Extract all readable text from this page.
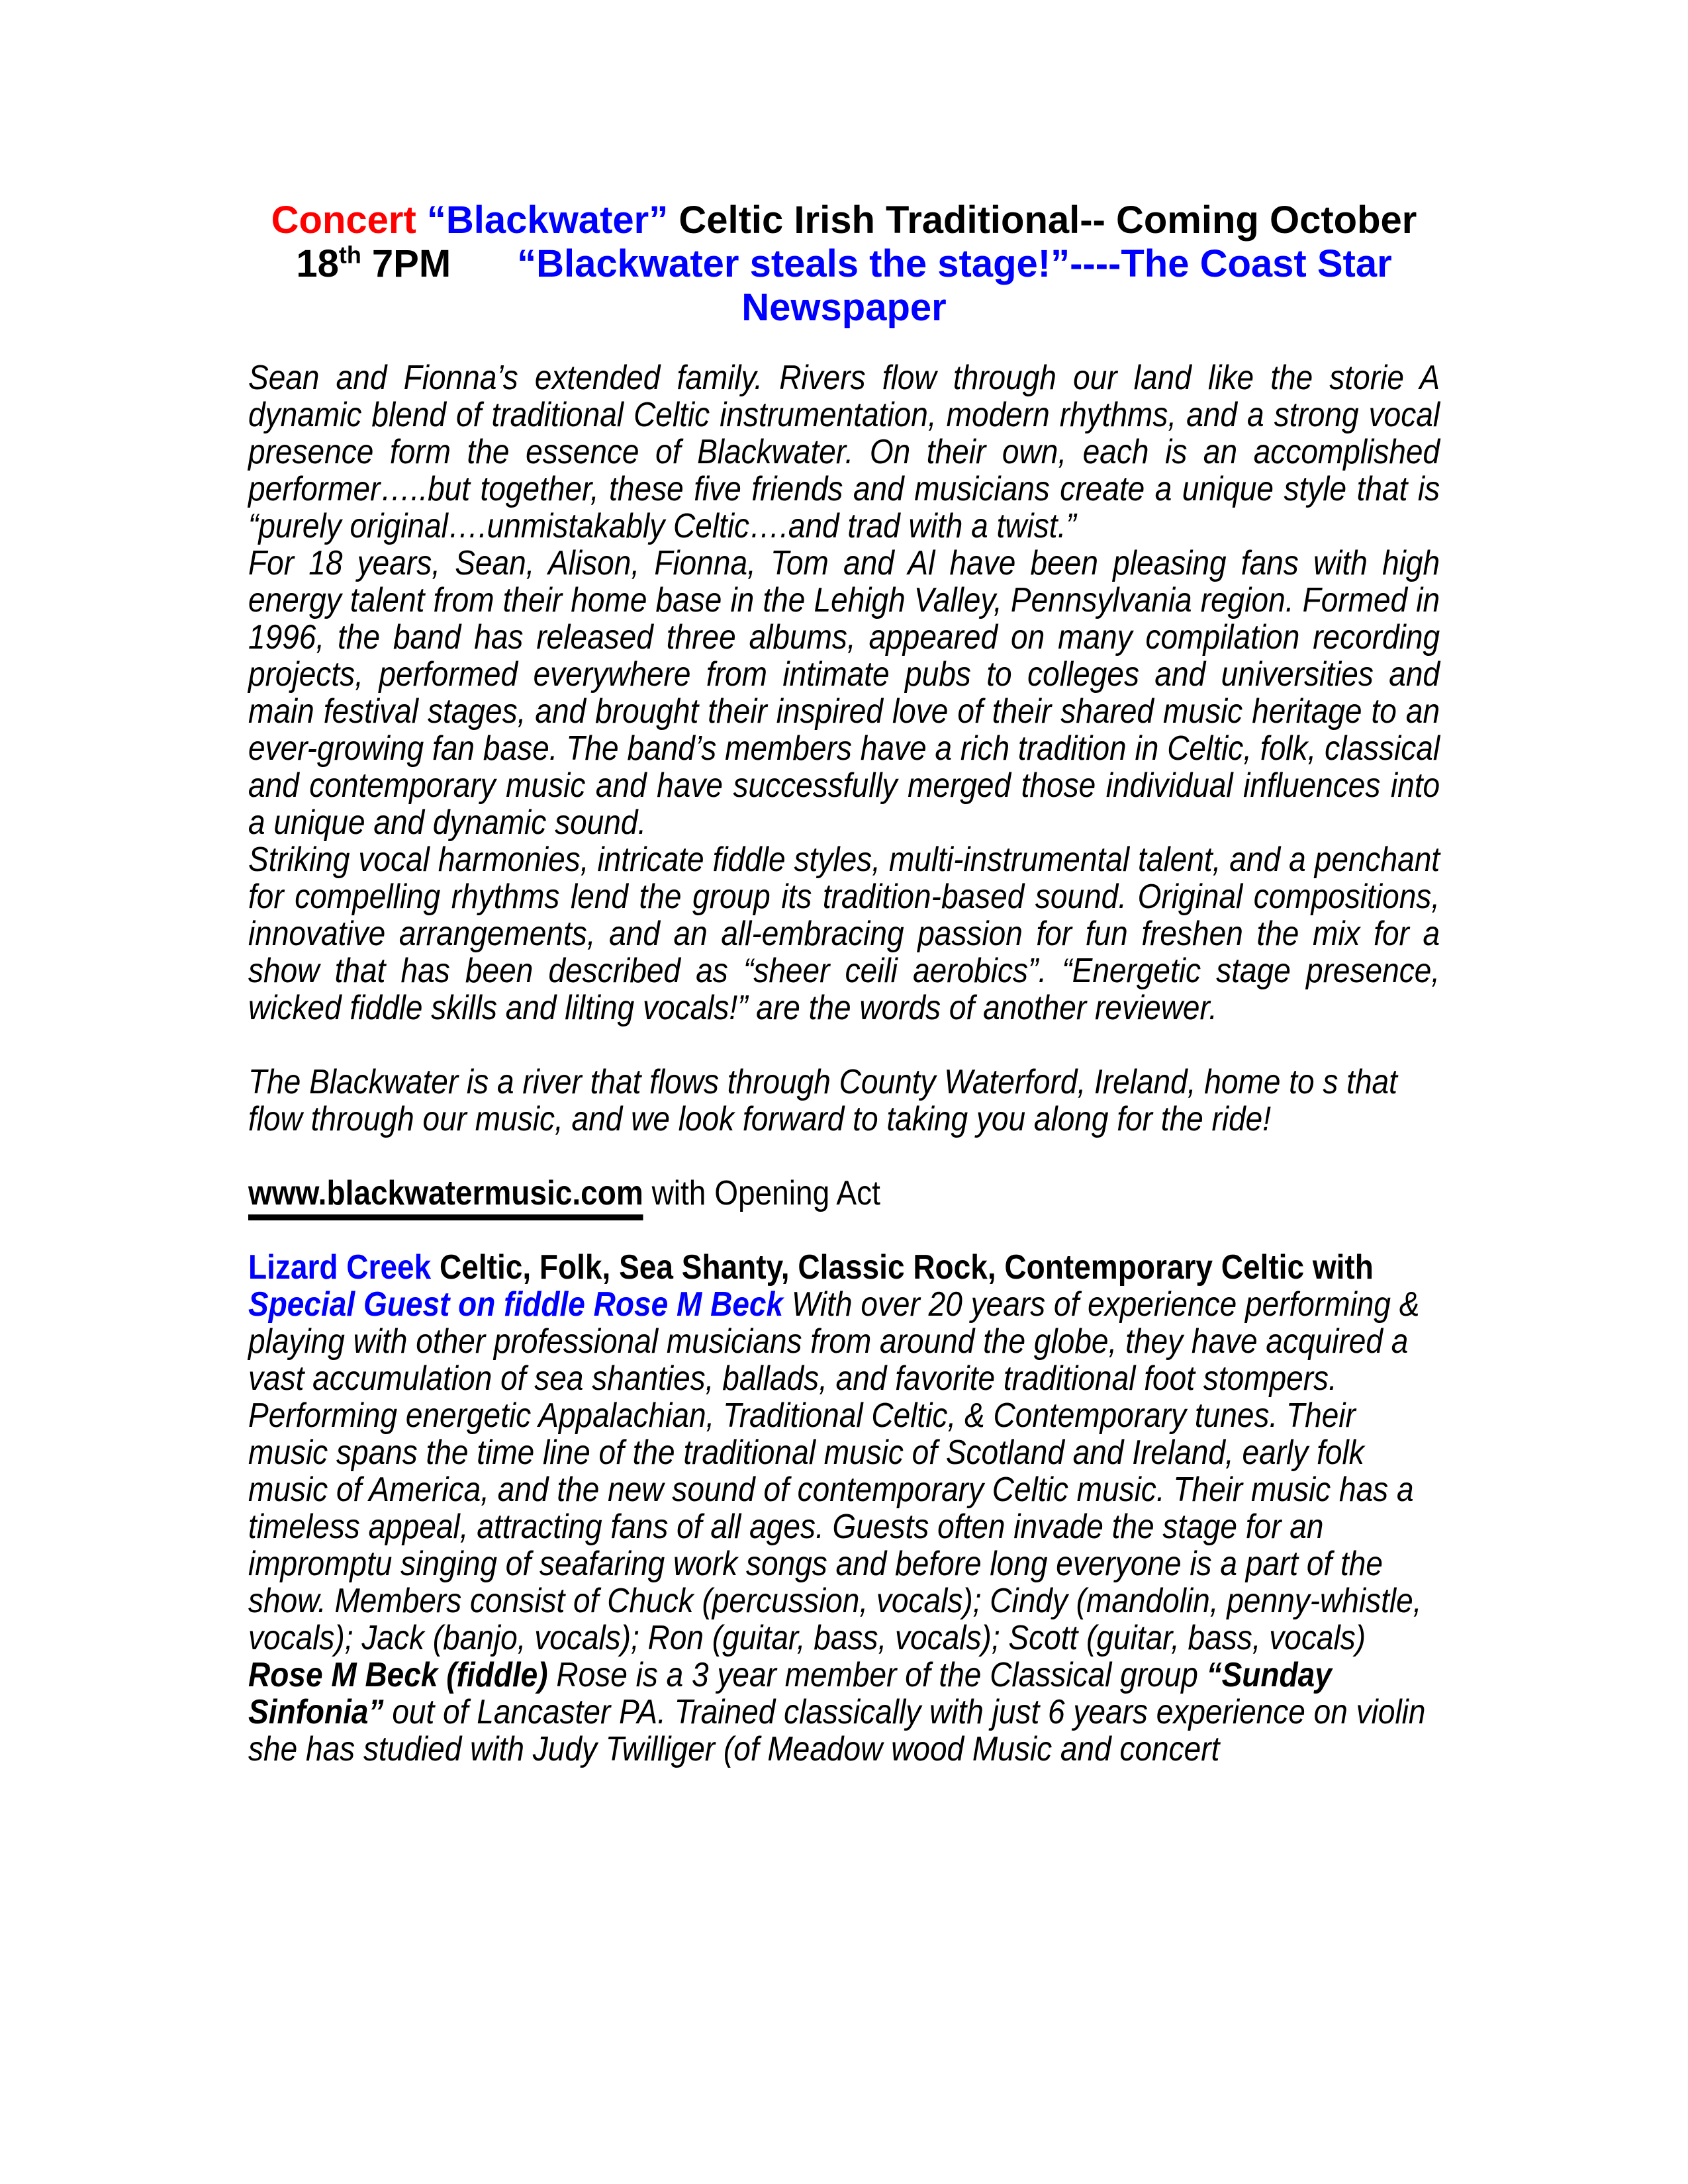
Concert “Blackwater” Celtic Irish Traditional-- Coming October
18th 7PM “Blackwater steals the stage!”----The Coast Star
Newspaper

Sean and Fionna’s extended family. Rivers flow through our land like the storie A dynamic blend of traditional Celtic instrumentation, modern rhythms, and a strong vocal presence form the essence of Blackwater. On their own, each is an accomplished performer…..but together, these five friends and musicians create a unique style that is “purely original….unmistakably Celtic….and trad with a twist.”

For 18 years, Sean, Alison, Fionna, Tom and Al have been pleasing fans with high energy talent from their home base in the Lehigh Valley, Pennsylvania region. Formed in 1996, the band has released three albums, appeared on many compilation recording projects, performed everywhere from intimate pubs to colleges and universities and main festival stages, and brought their inspired love of their shared music heritage to an ever-growing fan base. The band’s members have a rich tradition in Celtic, folk, classical and contemporary music and have successfully merged those individual influences into a unique and dynamic sound.

Striking vocal harmonies, intricate fiddle styles, multi-instrumental talent, and a penchant for compelling rhythms lend the group its tradition-based sound. Original compositions, innovative arrangements, and an all-embracing passion for fun freshen the mix for a show that has been described as “sheer ceili aerobics”. “Energetic stage presence, wicked fiddle skills and lilting vocals!” are the words of another reviewer.

The Blackwater is a river that flows through County Waterford, Ireland, home to s that flow through our music, and we look forward to taking you along for the ride!

www.blackwatermusic.com with Opening Act

Lizard Creek Celtic, Folk, Sea Shanty, Classic Rock, Contemporary Celtic with Special Guest on fiddle Rose M Beck With over 20 years of experience performing & playing with other professional musicians from around the globe, they have acquired a vast accumulation of sea shanties, ballads, and favorite traditional foot stompers. Performing energetic Appalachian, Traditional Celtic, & Contemporary tunes. Their music spans the time line of the traditional music of Scotland and Ireland, early folk music of America, and the new sound of contemporary Celtic music. Their music has a timeless appeal, attracting fans of all ages. Guests often invade the stage for an impromptu singing of seafaring work songs and before long everyone is a part of the show. Members consist of Chuck (percussion, vocals); Cindy (mandolin, penny-whistle, vocals); Jack (banjo, vocals); Ron (guitar, bass, vocals); Scott (guitar, bass, vocals) Rose M Beck (fiddle) Rose is a 3 year member of the Classical group “Sunday Sinfonia” out of Lancaster PA. Trained classically with just 6 years experience on violin she has studied with Judy Twilliger (of Meadow wood Music and concert
